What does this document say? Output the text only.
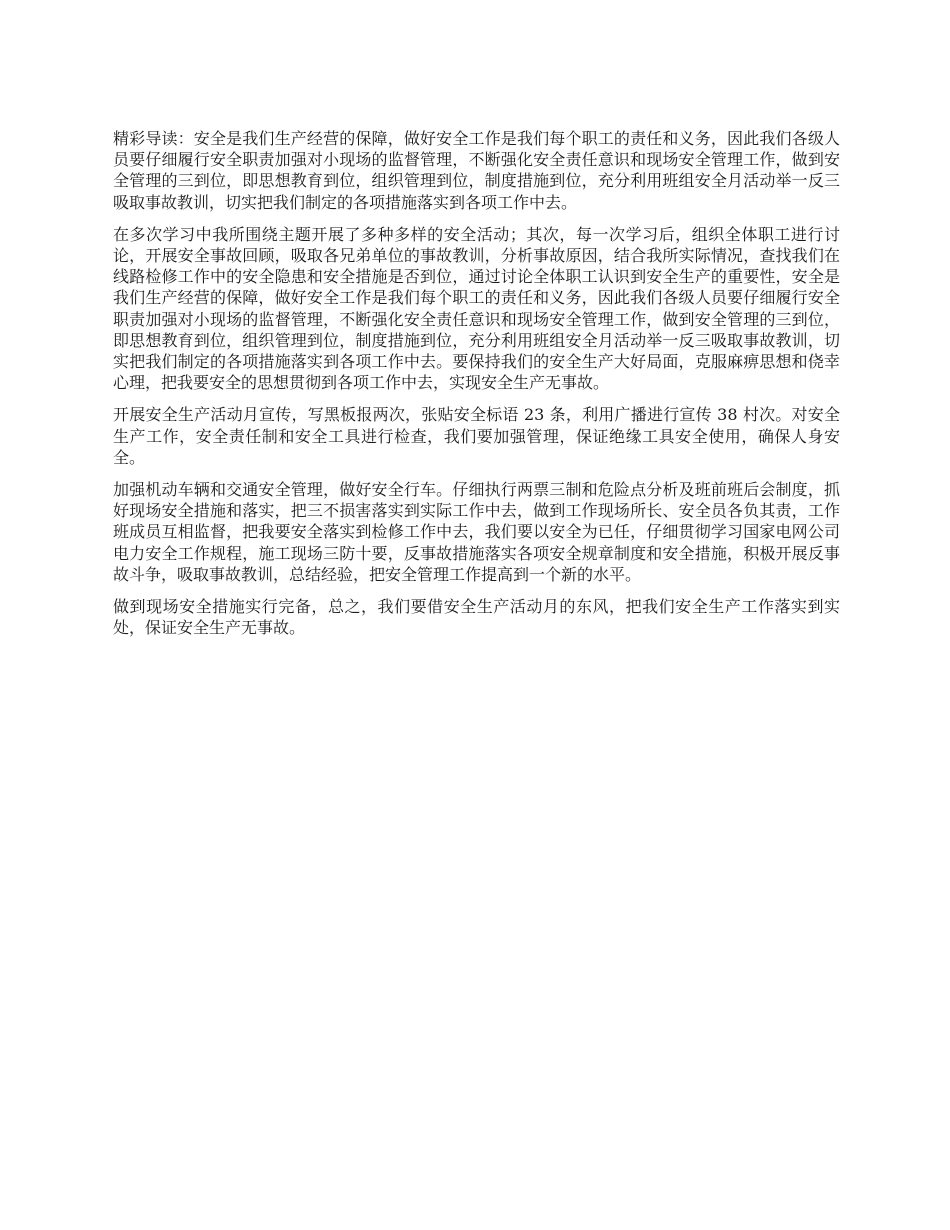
精彩导读：安全是我们生产经营的保障，做好安全工作是我们每个职工的责任和义务，因此我们各级人员要仔细履行安全职责加强对小现场的监督管理，不断强化安全责任意识和现场安全管理工作，做到安全管理的三到位，即思想教育到位，组织管理到位，制度措施到位，充分利用班组安全月活动举一反三吸取事故教训，切实把我们制定的各项措施落实到各项工作中去。

在多次学习中我所围绕主题开展了多种多样的安全活动；其次，每一次学习后，组织全体职工进行讨论，开展安全事故回顾，吸取各兄弟单位的事故教训，分析事故原因，结合我所实际情况，查找我们在线路检修工作中的安全隐患和安全措施是否到位，通过讨论全体职工认识到安全生产的重要性，安全是我们生产经营的保障，做好安全工作是我们每个职工的责任和义务，因此我们各级人员要仔细履行安全职责加强对小现场的监督管理，不断强化安全责任意识和现场安全管理工作，做到安全管理的三到位，即思想教育到位，组织管理到位，制度措施到位，充分利用班组安全月活动举一反三吸取事故教训，切实把我们制定的各项措施落实到各项工作中去。要保持我们的安全生产大好局面，克服麻痹思想和侥幸心理，把我要安全的思想贯彻到各项工作中去，实现安全生产无事故。

开展安全生产活动月宣传，写黑板报两次，张贴安全标语 23 条，利用广播进行宣传 38 村次。对安全生产工作，安全责任制和安全工具进行检查，我们要加强管理，保证绝缘工具安全使用，确保人身安全。

加强机动车辆和交通安全管理，做好安全行车。仔细执行两票三制和危险点分析及班前班后会制度，抓好现场安全措施和落实，把三不损害落实到实际工作中去，做到工作现场所长、安全员各负其责，工作班成员互相监督，把我要安全落实到检修工作中去，我们要以安全为已任，仔细贯彻学习国家电网公司电力安全工作规程，施工现场三防十要，反事故措施落实各项安全规章制度和安全措施，积极开展反事故斗争，吸取事故教训，总结经验，把安全管理工作提高到一个新的水平。

做到现场安全措施实行完备，总之，我们要借安全生产活动月的东风，把我们安全生产工作落实到实处，保证安全生产无事故。
